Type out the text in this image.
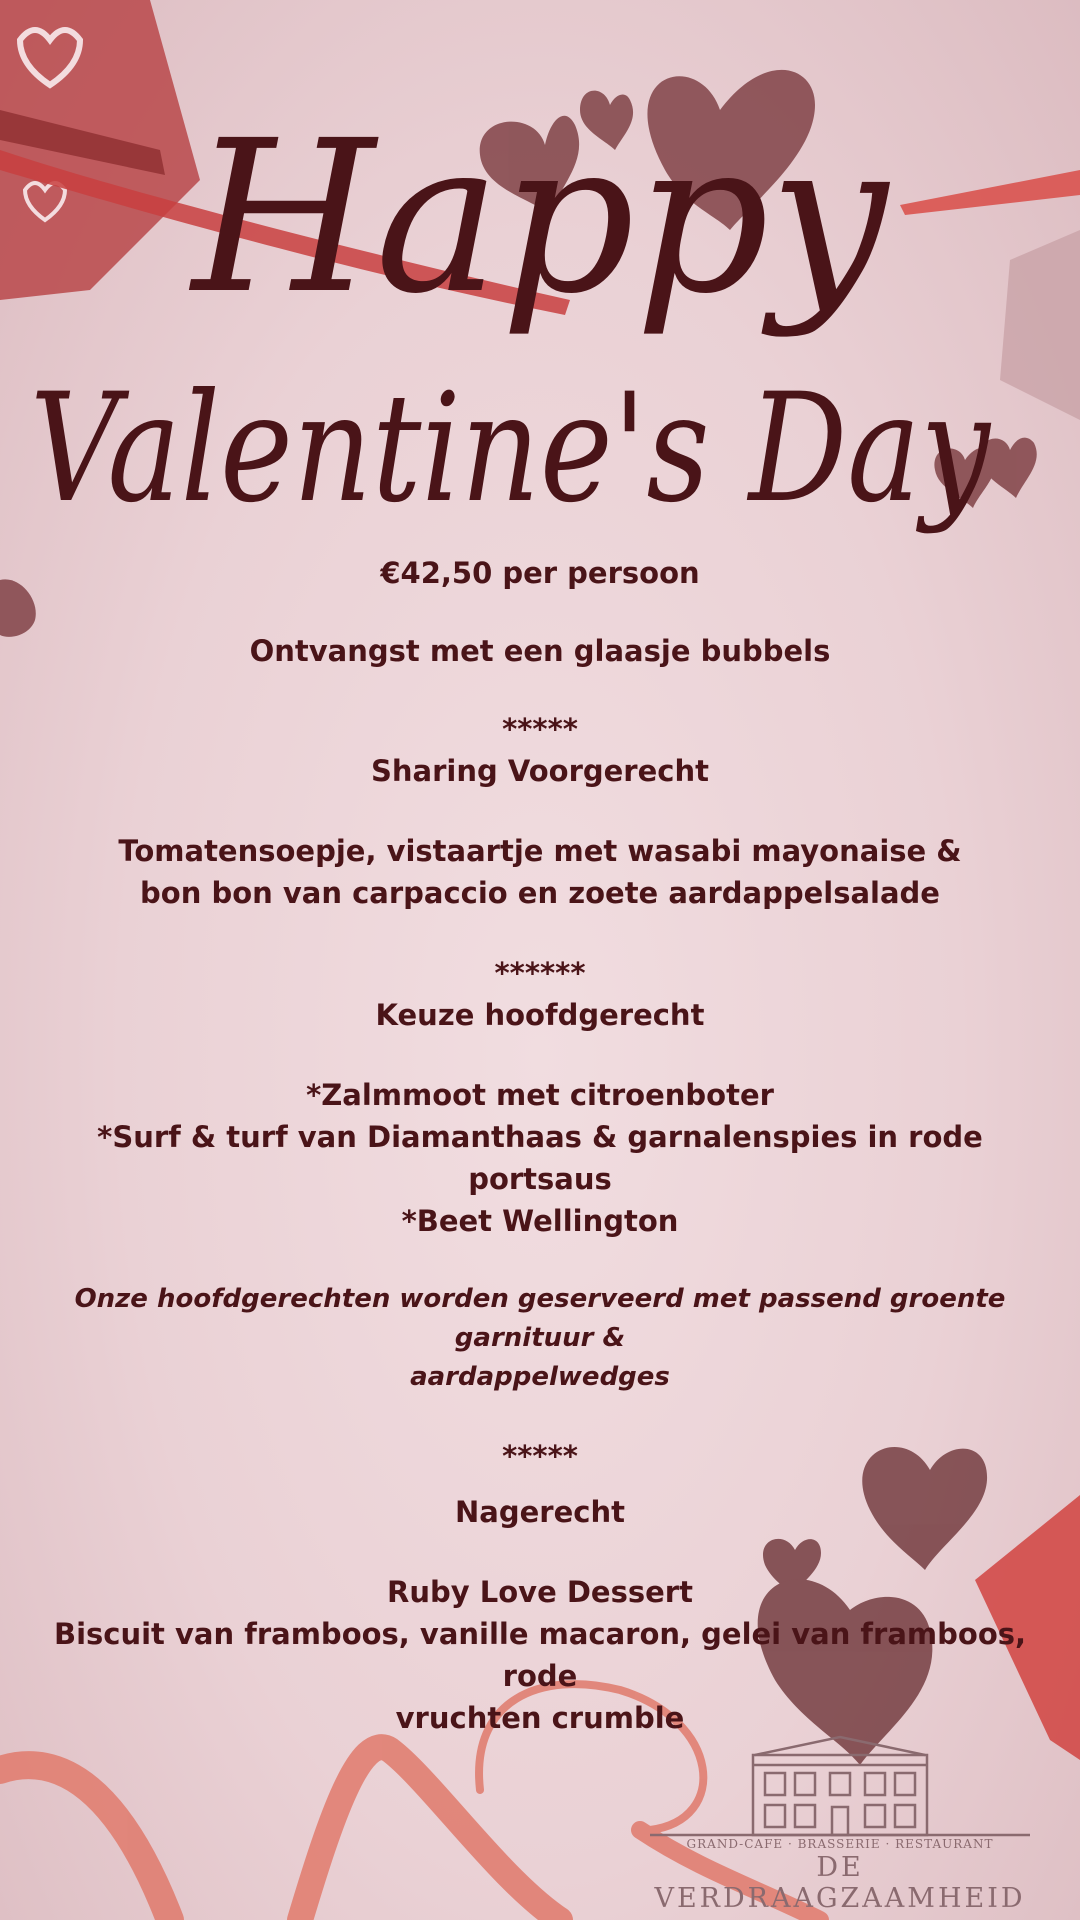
Happy
Valentine's Day

€42,50 per persoon

Ontvangst met een glaasje bubbels

*****

Sharing Voorgerecht

Tomatensoepje, vistaartje met wasabi mayonaise &

bon bon van carpaccio en zoete aardappelsalade

******

Keuze hoofdgerecht

*Zalmmoot met citroenboter

*Surf & turf van Diamanthaas & garnalenspies in rode portsaus

*Beet Wellington

Onze hoofdgerechten worden geserveerd met passend groente garnituur &

aardappelwedges

*****

Nagerecht

Ruby Love Dessert

Biscuit van framboos, vanille macaron, gelei van framboos, rode

vruchten crumble

GRAND-CAFE · BRASSERIE · RESTAURANT
DE VERDRAAGZAAMHEID
